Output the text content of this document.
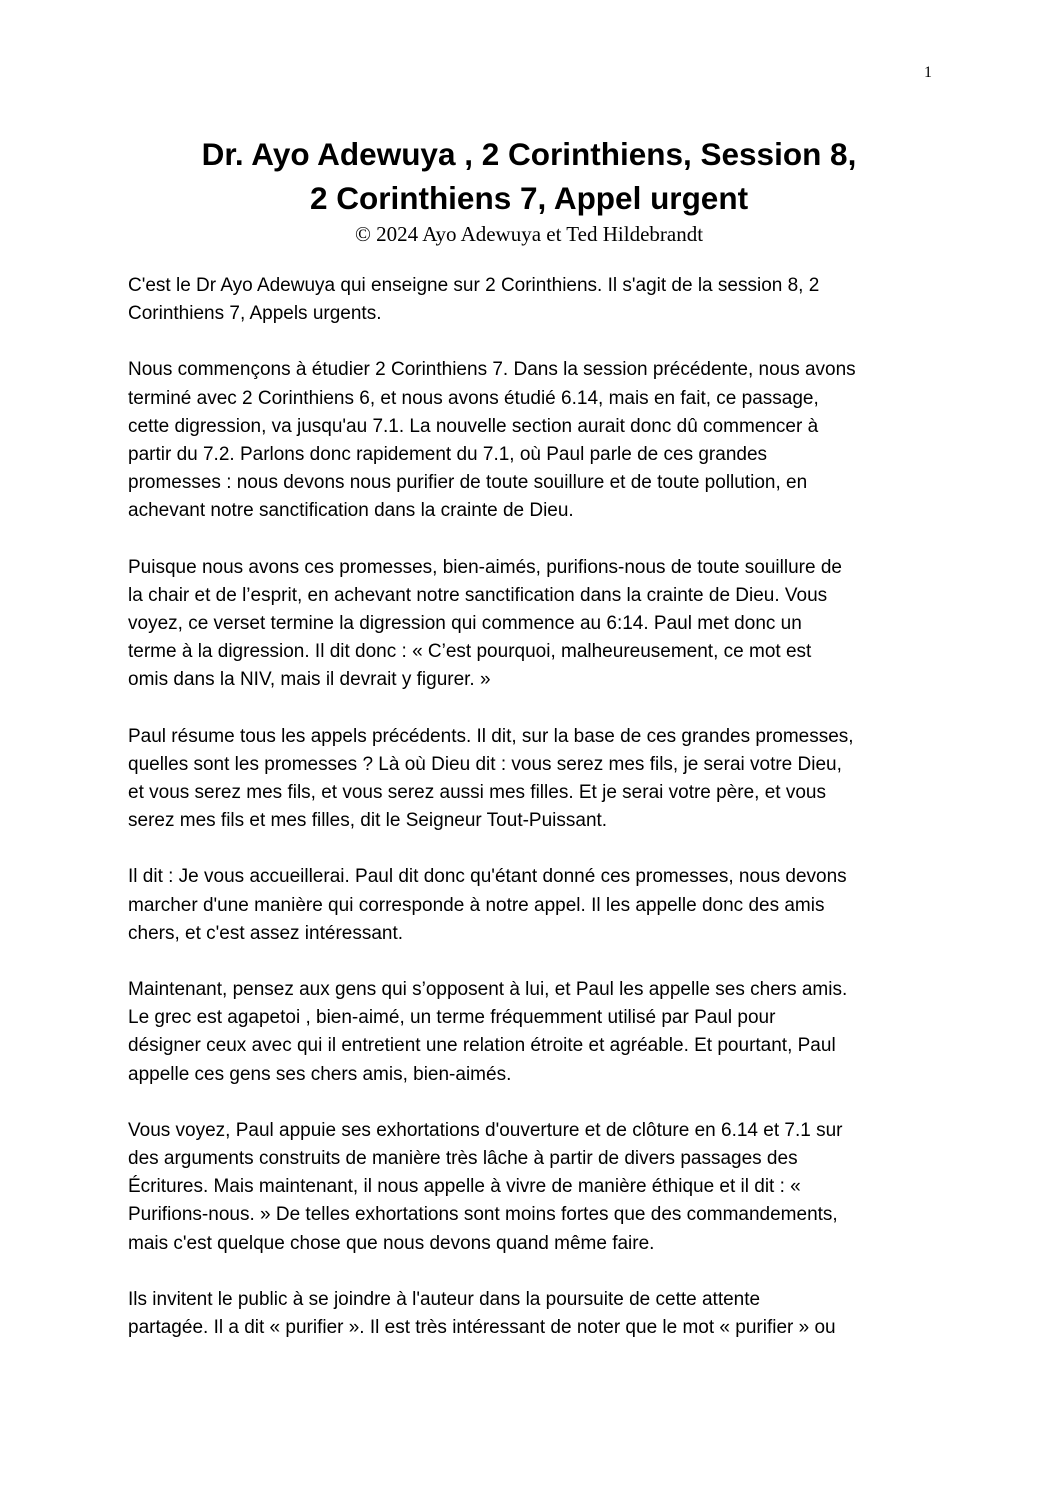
1

Dr. Ayo Adewuya , 2 Corinthiens, Session 8,

2 Corinthiens 7, Appel urgent

© 2024 Ayo Adewuya et Ted Hildebrandt

C'est le Dr Ayo Adewuya qui enseigne sur 2 Corinthiens. Il s'agit de la session 8, 2
Corinthiens 7, Appels urgents.
Nous commençons à étudier 2 Corinthiens 7. Dans la session précédente, nous avons
terminé avec 2 Corinthiens 6, et nous avons étudié 6.14, mais en fait, ce passage,
cette digression, va jusqu'au 7.1. La nouvelle section aurait donc dû commencer à
partir du 7.2. Parlons donc rapidement du 7.1, où Paul parle de ces grandes
promesses : nous devons nous purifier de toute souillure et de toute pollution, en
achevant notre sanctification dans la crainte de Dieu.
Puisque nous avons ces promesses, bien-aimés, purifions-nous de toute souillure de
la chair et de l’esprit, en achevant notre sanctification dans la crainte de Dieu. Vous
voyez, ce verset termine la digression qui commence au 6:14. Paul met donc un
terme à la digression. Il dit donc : « C’est pourquoi, malheureusement, ce mot est
omis dans la NIV, mais il devrait y figurer. »
Paul résume tous les appels précédents. Il dit, sur la base de ces grandes promesses,
quelles sont les promesses ? Là où Dieu dit : vous serez mes fils, je serai votre Dieu,
et vous serez mes fils, et vous serez aussi mes filles. Et je serai votre père, et vous
serez mes fils et mes filles, dit le Seigneur Tout-Puissant.
Il dit : Je vous accueillerai. Paul dit donc qu'étant donné ces promesses, nous devons
marcher d'une manière qui corresponde à notre appel. Il les appelle donc des amis
chers, et c'est assez intéressant.
Maintenant, pensez aux gens qui s’opposent à lui, et Paul les appelle ses chers amis.
Le grec est agapetoi , bien-aimé, un terme fréquemment utilisé par Paul pour
désigner ceux avec qui il entretient une relation étroite et agréable. Et pourtant, Paul
appelle ces gens ses chers amis, bien-aimés.
Vous voyez, Paul appuie ses exhortations d'ouverture et de clôture en 6.14 et 7.1 sur
des arguments construits de manière très lâche à partir de divers passages des
Écritures. Mais maintenant, il nous appelle à vivre de manière éthique et il dit : «
Purifions-nous. » De telles exhortations sont moins fortes que des commandements,
mais c'est quelque chose que nous devons quand même faire.
Ils invitent le public à se joindre à l'auteur dans la poursuite de cette attente
partagée. Il a dit « purifier ». Il est très intéressant de noter que le mot « purifier » ou
